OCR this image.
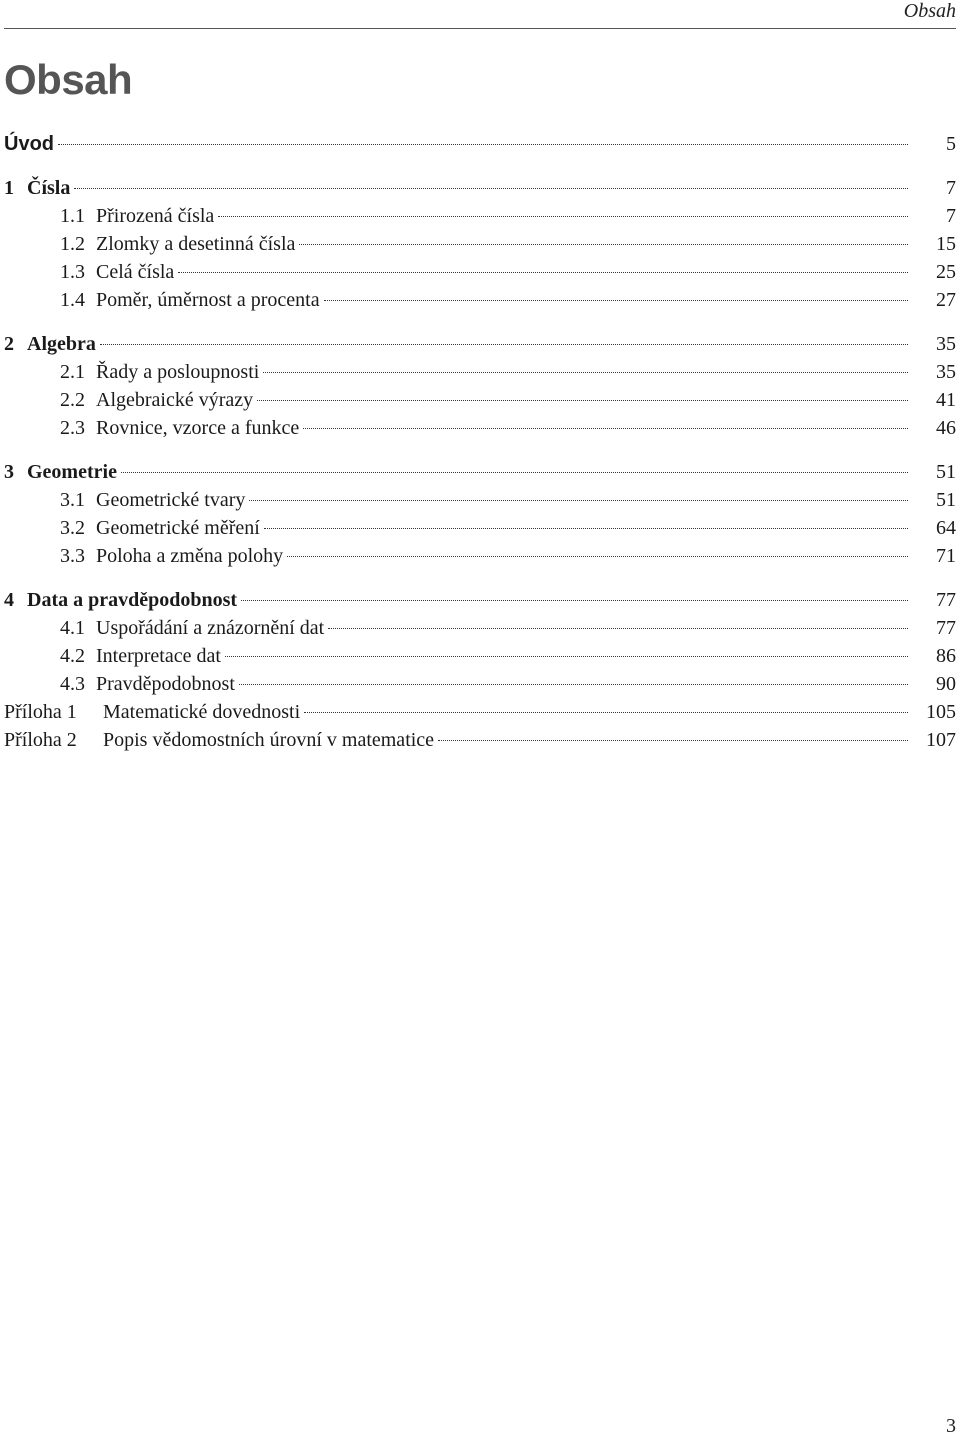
Obsah
Obsah
Úvod	5
1 Čísla	7
1.1 Přirozená čísla	7
1.2 Zlomky a desetinná čísla	15
1.3 Celá čísla	25
1.4 Poměr, úměrnost a procenta	27
2 Algebra	35
2.1 Řady a posloupnosti	35
2.2 Algebraické výrazy	41
2.3 Rovnice, vzorce a funkce	46
3 Geometrie	51
3.1 Geometrické tvary	51
3.2 Geometrické měření	64
3.3 Poloha a změna polohy	71
4 Data a pravděpodobnost	77
4.1 Uspořádání a znázornění dat	77
4.2 Interpretace dat	86
4.3 Pravděpodobnost	90
Příloha 1	Matematické dovednosti	105
Příloha 2	Popis vědomostních úrovní v matematice	107
3
